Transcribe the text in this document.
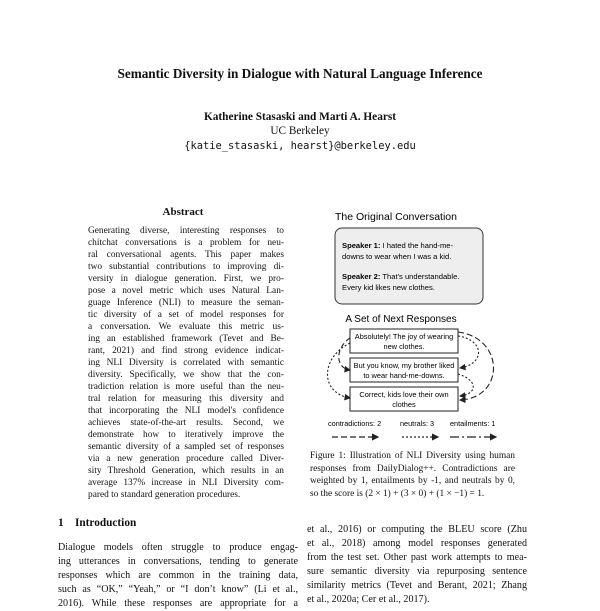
Semantic Diversity in Dialogue with Natural Language Inference
Katherine Stasaski and Marti A. Hearst
UC Berkeley
{katie_stasaski, hearst}@berkeley.edu
Abstract
Generating diverse, interesting responses to
chitchat conversations is a problem for neu-
ral conversational agents. This paper makes
two substantial contributions to improving di-
versity in dialogue generation. First, we pro-
pose a novel metric which uses Natural Lan-
guage Inference (NLI) to measure the seman-
tic diversity of a set of model responses for
a conversation. We evaluate this metric us-
ing an established framework (Tevet and Be-
rant, 2021) and find strong evidence indicat-
ing NLI Diversity is correlated with semantic
diversity. Specifically, we show that the con-
tradiction relation is more useful than the neu-
tral relation for measuring this diversity and
that incorporating the NLI model's confidence
achieves state-of-the-art results. Second, we
demonstrate how to iteratively improve the
semantic diversity of a sampled set of responses
via a new generation procedure called Diver-
sity Threshold Generation, which results in an
average 137% increase in NLI Diversity com-
pared to standard generation procedures.
1    Introduction
Dialogue models often struggle to produce engag-
ing utterances in conversations, tending to generate
responses which are common in the training data,
such as “OK,” “Yeah,” or “I don’t know” (Li et al.,
2016). While these responses are appropriate for a
The Original Conversation
Speaker 1: I hated the hand-me-
downs to wear when I was a kid.
Speaker 2: That's understandable.
Every kid likes new clothes.
A Set of Next Responses
Absolutely! The joy of wearing
new clothes.
But you know, my brother liked
to wear hand-me-downs.
Correct, kids love their own
clothes
contradictions: 2	neutrals: 3 entailments: 1
Figure 1: Illustration of NLI Diversity using human
responses from DailyDialog++. Contradictions are
weighted by 1, entailments by -1, and neutrals by 0,
so the score is (2 × 1) + (3 × 0) + (1 × −1) = 1.
et al., 2016) or computing the BLEU score (Zhu
et al., 2018) among model responses generated
from the test set. Other past work attempts to mea-
sure semantic diversity via repurposing sentence
similarity metrics (Tevet and Berant, 2021; Zhang
et al., 2020a; Cer et al., 2017).
